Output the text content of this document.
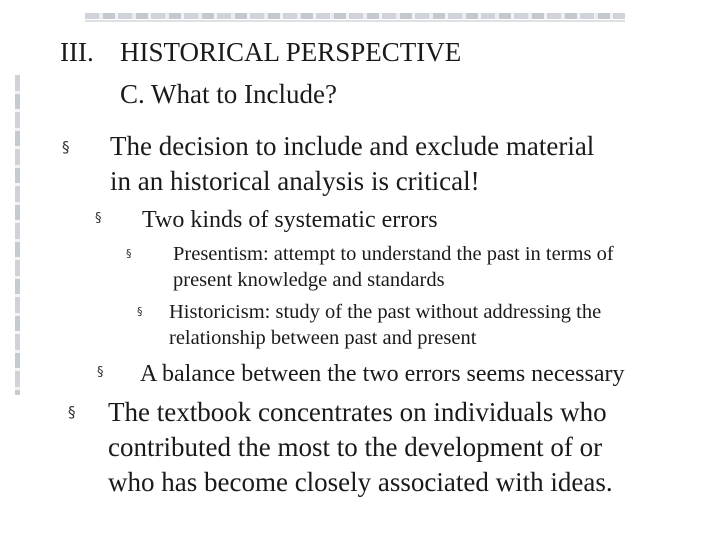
III. HISTORICAL PERSPECTIVE
C. What to Include?
§ The decision to include and exclude material
in an historical analysis is critical!
§ Two kinds of systematic errors
§ Presentism: attempt to understand the past in terms of
present knowledge and standards
§ Historicism: study of the past without addressing the
relationship between past and present
§ A balance between the two errors seems necessary
§ The textbook concentrates on individuals who
contributed the most to the development of or
who has become closely associated with ideas.
